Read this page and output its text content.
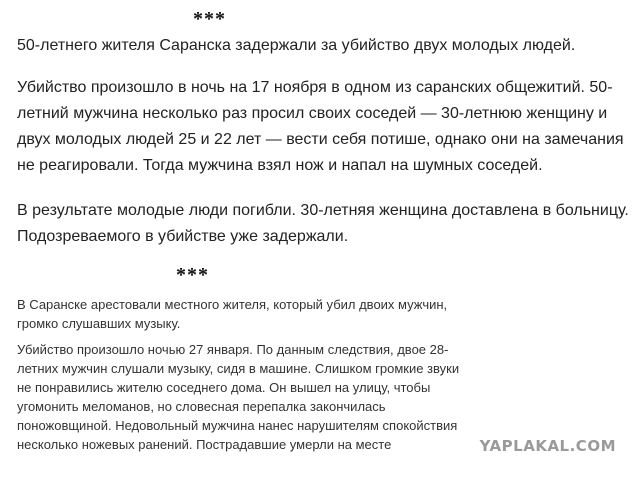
***

50-летнего жителя Саранска задержали за убийство двух молодых людей.

Убийство произошло в ночь на 17 ноября в одном из саранских общежитий. 50-летний мужчина несколько раз просил своих соседей — 30-летнюю женщину и двух молодых людей 25 и 22 лет — вести себя потише, однако они на замечания не реагировали. Тогда мужчина взял нож и напал на шумных соседей.

В результате молодые люди погибли. 30-летняя женщина доставлена в больницу. Подозреваемого в убийстве уже задержали.

***

В Саранске арестовали местного жителя, который убил двоих мужчин, громко слушавших музыку.

Убийство произошло ночью 27 января. По данным следствия, двое 28-летних мужчин слушали музыку, сидя в машине. Слишком громкие звуки не понравились жителю соседнего дома. Он вышел на улицу, чтобы угомонить меломанов, но словесная перепалка закончилась поножовщиной. Недовольный мужчина нанес нарушителям спокойствия несколько ножевых ранений. Пострадавшие умерли на месте	YAPLAKAL.COM
